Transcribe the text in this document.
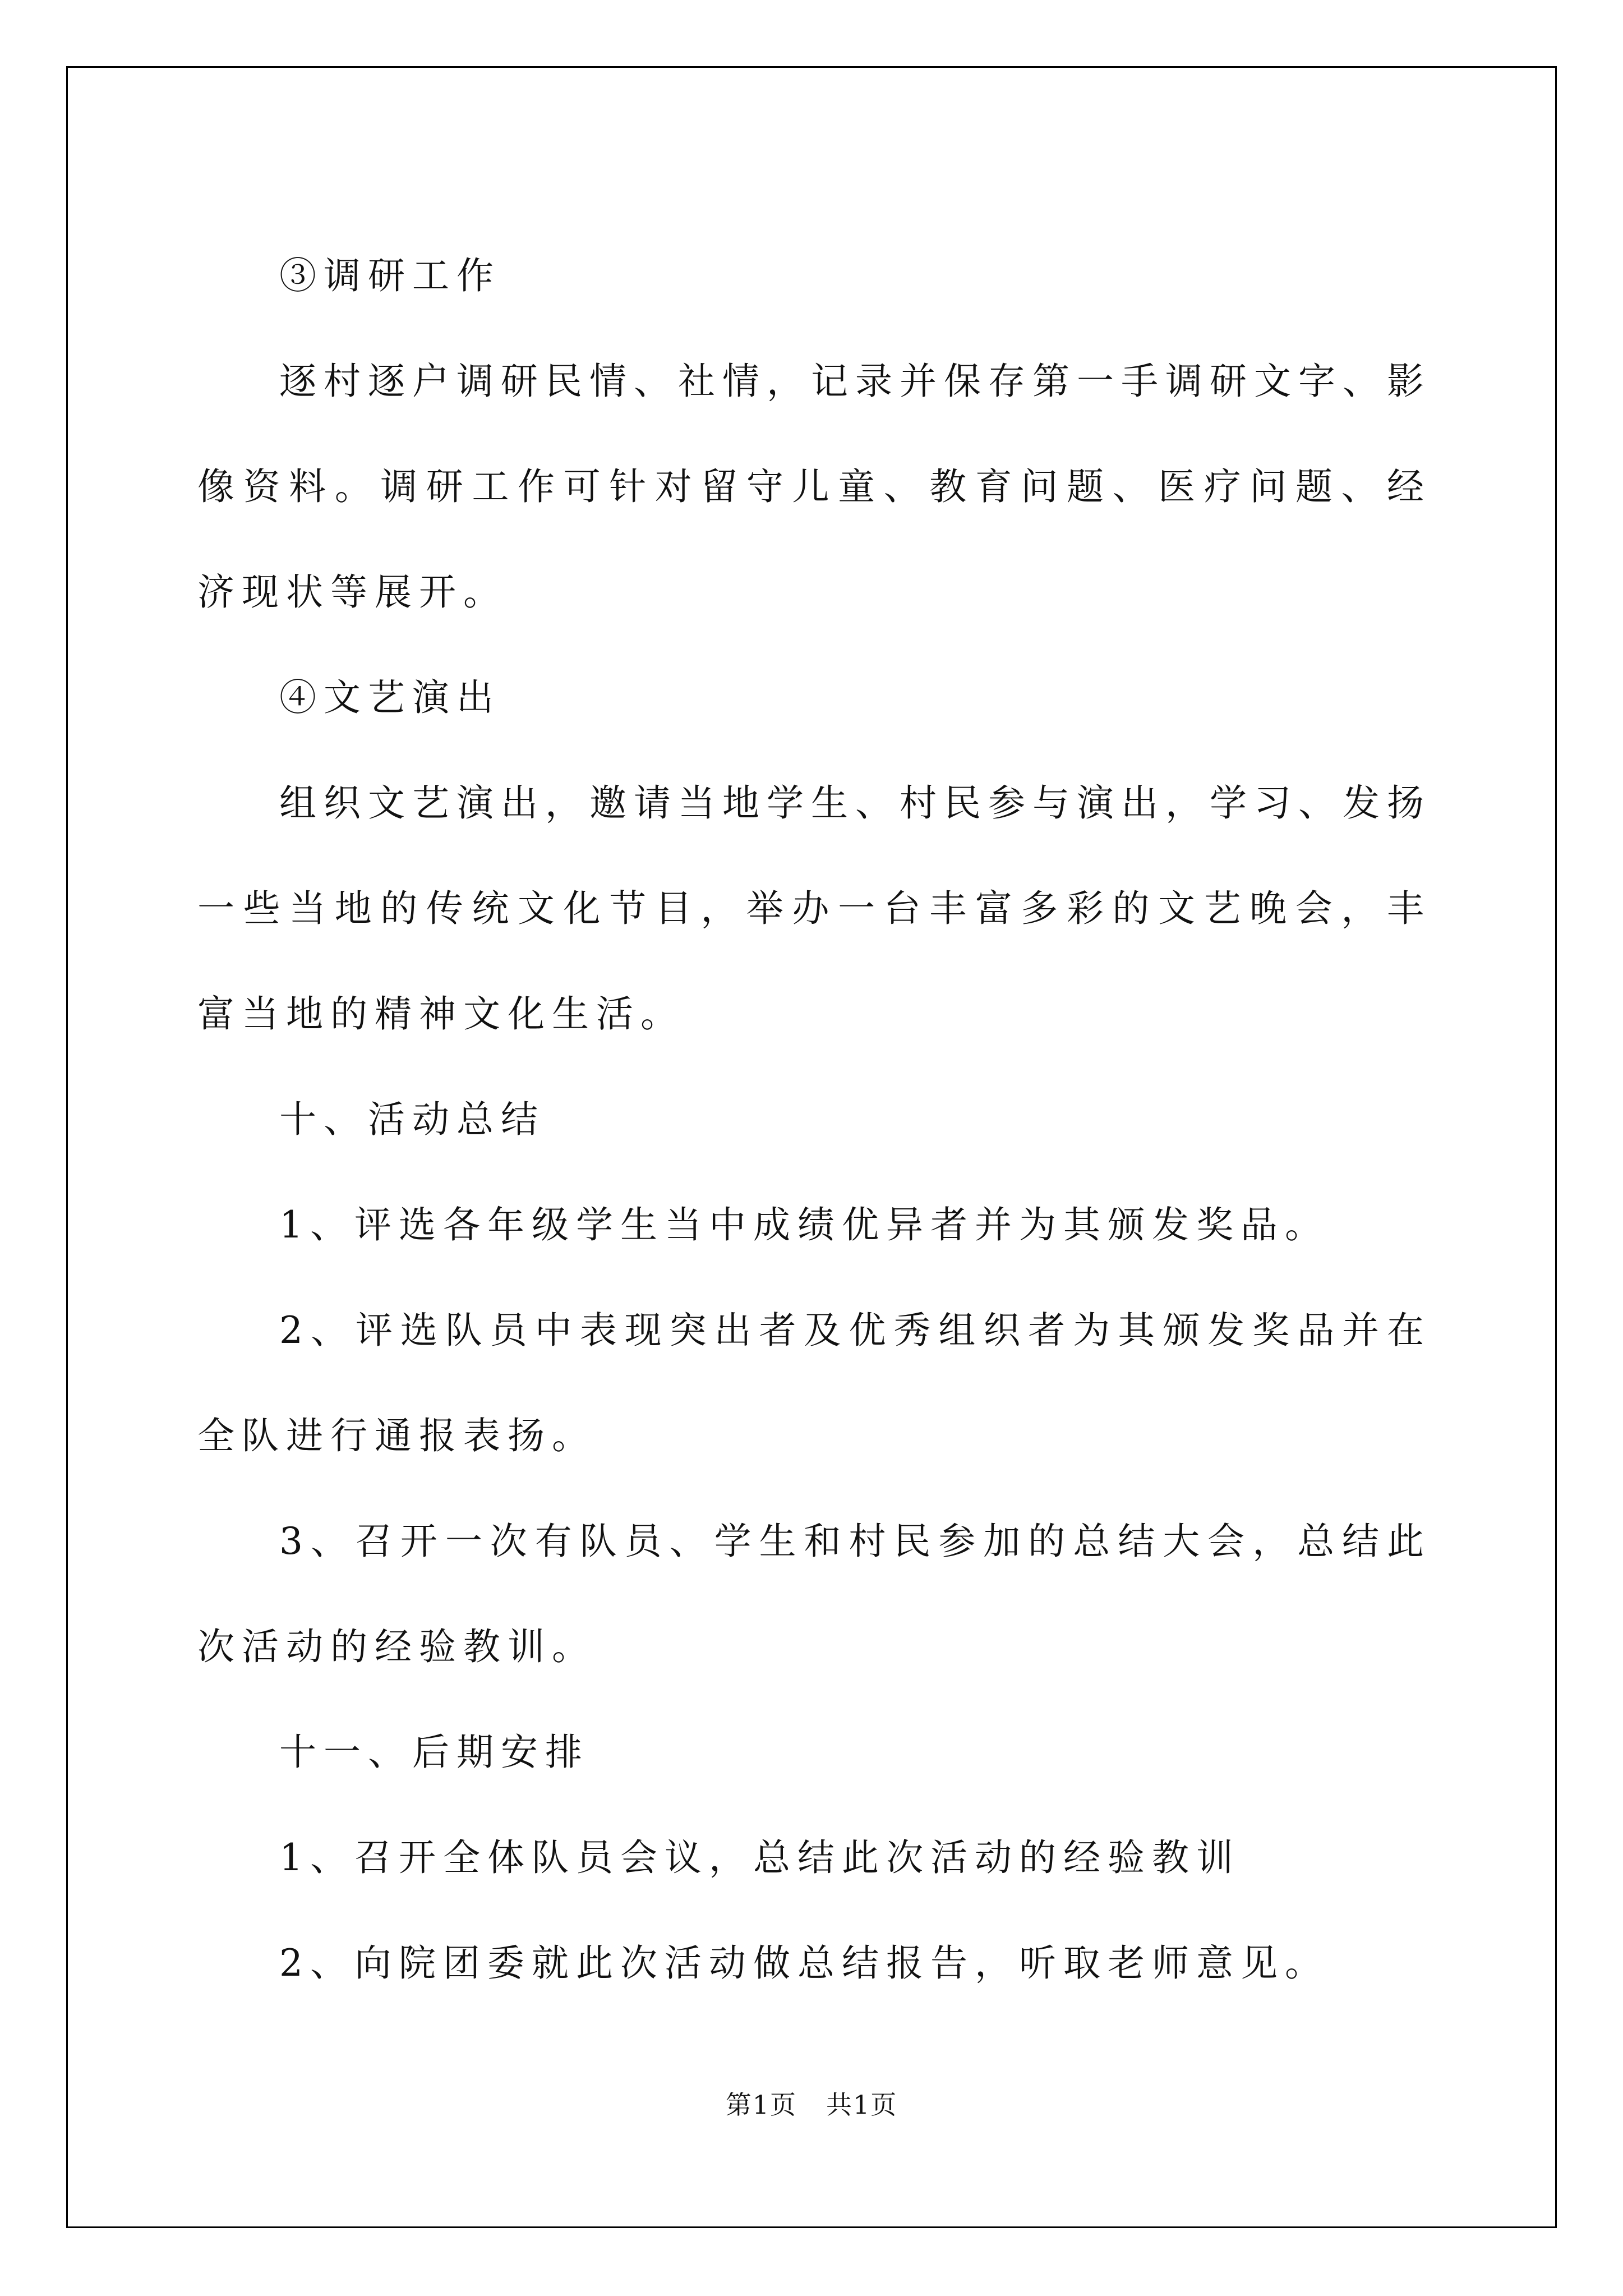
③调研工作

逐村逐户调研民情、社情，记录并保存第一手调研文字、影像资料。调研工作可针对留守儿童、教育问题、医疗问题、经济现状等展开。

④文艺演出

组织文艺演出，邀请当地学生、村民参与演出，学习、发扬一些当地的传统文化节目，举办一台丰富多彩的文艺晚会，丰富当地的精神文化生活。

十、活动总结

1、评选各年级学生当中成绩优异者并为其颁发奖品。

2、评选队员中表现突出者及优秀组织者为其颁发奖品并在全队进行通报表扬。

3、召开一次有队员、学生和村民参加的总结大会，总结此次活动的经验教训。

十一、后期安排

1、召开全体队员会议，总结此次活动的经验教训

2、向院团委就此次活动做总结报告，听取老师意见。

第1页 共1页
